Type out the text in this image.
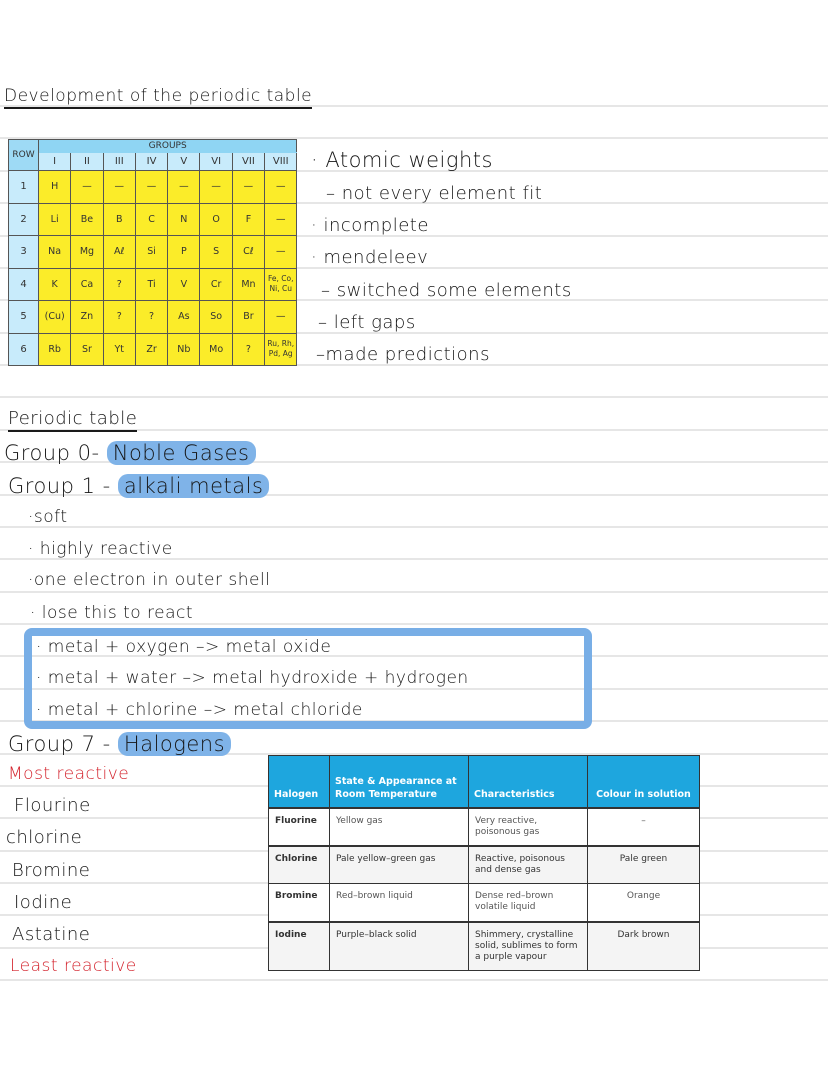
Development of the periodic table
ROW	GROUPS							
	I	II	III	IV	V	VI	VII	VIII
1	H	—	—	—	—	—	—	—
2	Li	Be	B	C	N	O	F	—
3	Na	Mg	Aℓ	Si	P	S	Cℓ	—
4	K	Ca	?	Ti	V	Cr	Mn	Fe, Co, Ni, Cu
5	(Cu)	Zn	?	?	As	So	Br	—
6	Rb	Sr	Yt	Zr	Nb	Mo	?	Ru, Rh, Pd, Ag
· Atomic weights
– not every element fit
· incomplete
· mendeleev
– switched some elements
– left gaps
–made predictions
Periodic table
Group 0- Noble Gases
Group 1 - alkali metals
·soft
· highly reactive
·one electron in outer shell
· lose this to react
· metal + oxygen –> metal oxide
· metal + water –> metal hydroxide + hydrogen
· metal + chlorine –> metal chloride
Group 7 - Halogens
Most reactive
Flourine
chlorine
Bromine
Iodine
Astatine
Least reactive
Halogen	State & Appearance at Room Temperature	Characteristics	Colour in solution
Fluorine	Yellow gas	Very reactive, poisonous gas	–
Chlorine	Pale yellow–green gas	Reactive, poisonous and dense gas	Pale green
Bromine	Red–brown liquid	Dense red–brown volatile liquid	Orange
Iodine	Purple–black solid	Shimmery, crystalline solid, sublimes to form a purple vapour	Dark brown
